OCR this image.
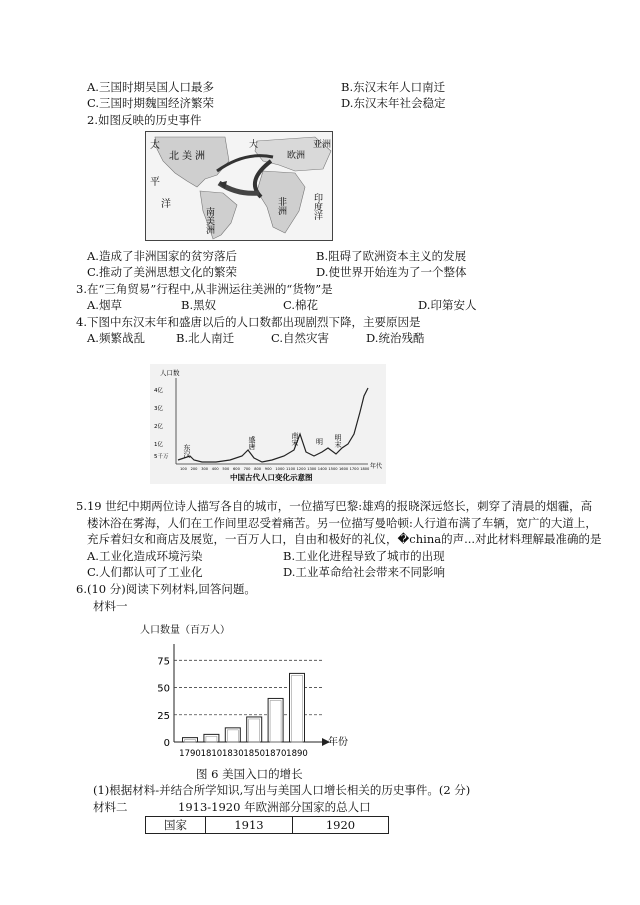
A.三国时期吴国人口最多	B.东汉末年人口南迁
C.三国时期魏国经济繁荣	D.东汉末年社会稳定
2.如图反映的历史事件
太
平
洋
北美洲
南美洲
大
欧洲
亚洲
非洲	印度洋
A.造成了非洲国家的贫穷落后	B.阻碍了欧洲资本主义的发展
C.推动了美洲思想文化的繁荣	D.使世界开始连为了一个整体
3.在“三角贸易”行程中,从非洲运往美洲的“货物”是
A.烟草	B.黑奴	C.棉花	D.印第安人
4.下图中东汉末年和盛唐以后的人口数都出现剧烈下降，主要原因是
A.频繁战乱	B.北人南迁	C.自然灾害	D.统治残酷
人口数
5千万
1亿
2亿
3亿
4亿
100 200 300 400 500 600 700 800 900 1000 1100 1200 1300 1400 1500 1600 1700 1800
东汉
盛唐	南宋 明 明末
年代
中国古代人口变化示意图
5.19 世纪中期两位诗人描写各自的城市，一位描写巴黎:雄鸡的报晓深远悠长，刺穿了清晨的烟霾，高
楼沐浴在雾海，人们在工作间里忍受着痛苦。另一位描写曼哈顿:人行道布满了车辆，宽广的大道上，
充斥着妇女和商店及展览，一百万人口，自由和极好的礼仪，�china的声...对此材料理解最准确的是
A.工业化造成环境污染	B.工业化进程导致了城市的出现
C.人们都认可了工业化	D.工业革命给社会带来不同影响
6.(10 分)阅读下列材料,回答问题。
材料一
人口数量（百万人）
0
25
50
75
1790 1810 1830 1850 1870 1890
年份
图 6 美国入口的增长
(1)根据材料-并结合所学知识,写出与美国人口增长相关的历史事件。(2 分)
材料二	1913-1920 年欧洲部分国家的总人口
国家	1913	1920
